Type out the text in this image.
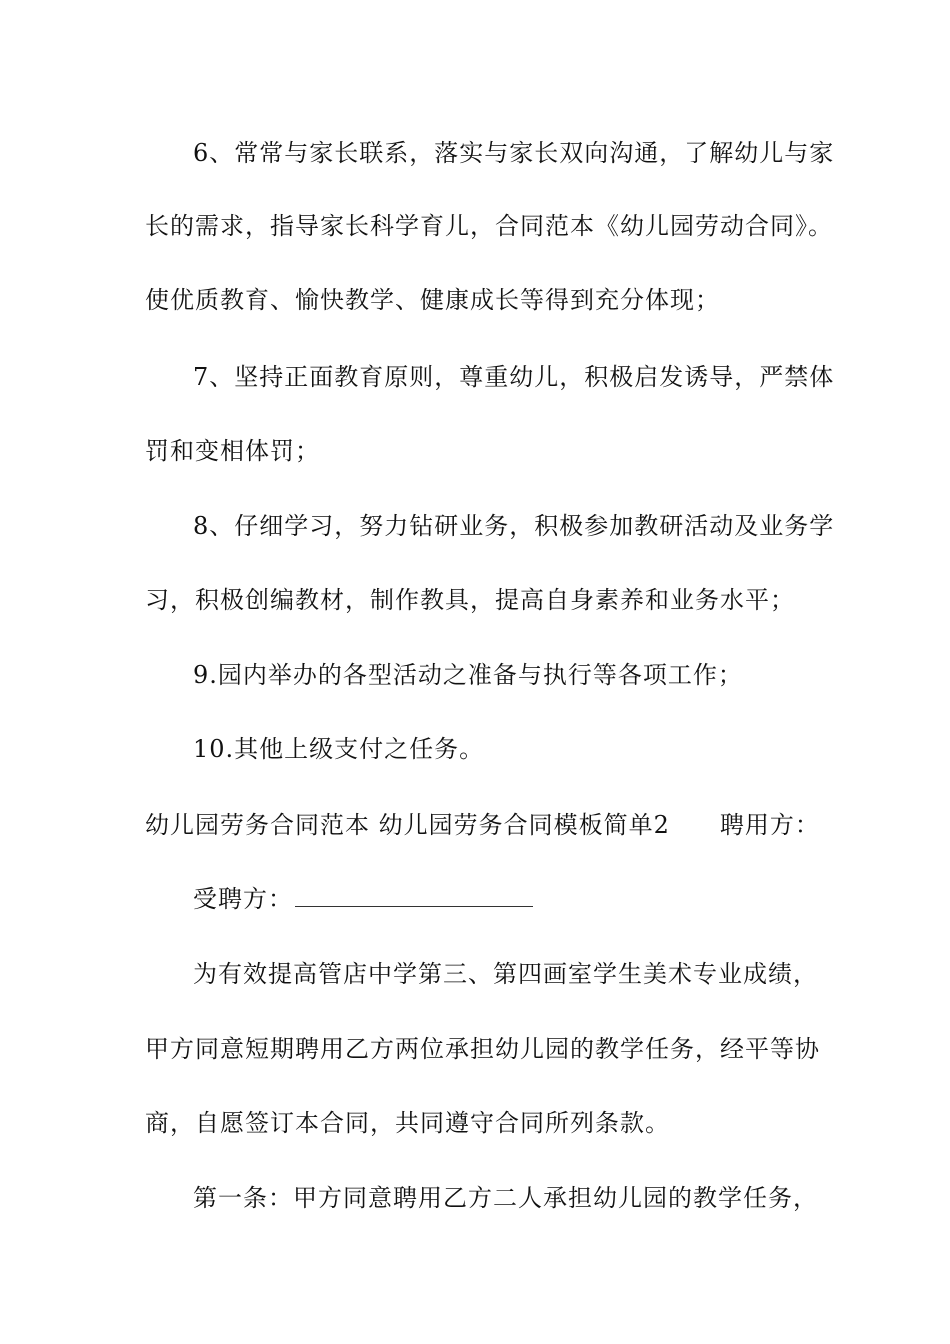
6、常常与家长联系，落实与家长双向沟通，了解幼儿与家
长的需求，指导家长科学育儿，合同范本《幼儿园劳动合同》。
使优质教育、愉快教学、健康成长等得到充分体现；
7、坚持正面教育原则，尊重幼儿，积极启发诱导，严禁体
罚和变相体罚；
8、仔细学习，努力钻研业务，积极参加教研活动及业务学
习，积极创编教材，制作教具，提高自身素养和业务水平；
9.园内举办的各型活动之准备与执行等各项工作；
10.其他上级支付之任务。
幼儿园劳务合同范本 幼儿园劳务合同模板简单2　　聘用方：
受聘方：
为有效提高管店中学第三、第四画室学生美术专业成绩，
甲方同意短期聘用乙方两位承担幼儿园的教学任务，经平等协
商，自愿签订本合同，共同遵守合同所列条款。
第一条：甲方同意聘用乙方二人承担幼儿园的教学任务，
